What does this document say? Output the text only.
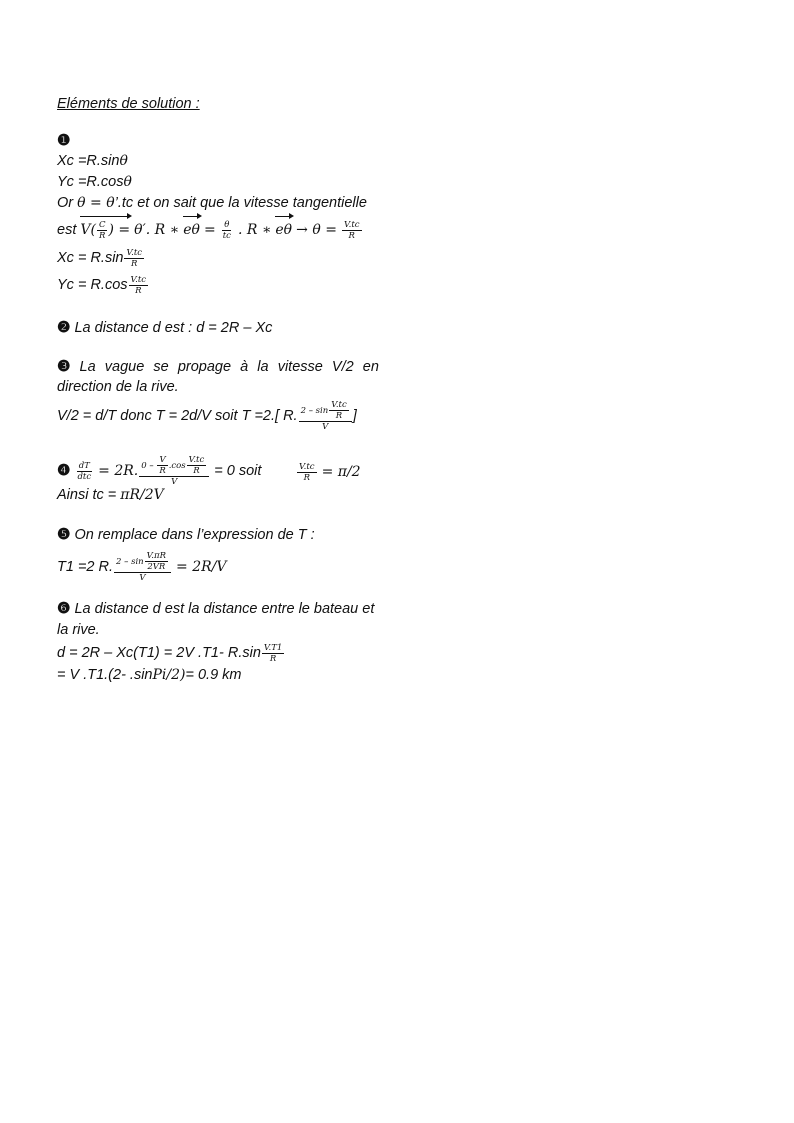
Eléments de solution :
❶
Xc =R.sinθ
Yc =R.cosθ
Or θ = θ’.tc et on sait que la vitesse tangentielle
est $V( \frac{C}{R}$ ) = θ′. R ∗ $e\theta = \frac{\theta}{tc}$ . R ∗ $e\theta \to \theta = \frac{V.tc}{R}$
$Xc = R.\sin \frac{V.tc}{R}$
$Yc = R.\cos \frac{V.tc}{R}$
❷ La distance d est : d = 2R – Xc
❸ La vague se propage à la vitesse V/2 en
direction de la rive.
V/2 = d/T donc T = 2d/V soit T =2.[ R. $\frac{2 - \sin \frac{V.tc}{R}}{V}$ ]
❹ $\frac{dT}{\text{dtc}} = 2R$. $\frac{0 - \frac{V}{R} .\cos \frac{V.tc}{R}}{V} = 0$ soit	$\frac{V.tc}{R} = \pi/2$
Ainsi tc = πR/2V
❺ On remplace dans l’expression de T :
T1 =2 R. $\frac{2 - \sin \frac{V.\pi R}{2VR}}{V} = 2R/V$
❻ La distance d est la distance entre le bateau et
la rive.
d = 2R – Xc(T1) = 2V .T1- $R.\sin \frac{V.T1}{R}$
= V .T1.(2- .sinPi/2)= 0.9 km
